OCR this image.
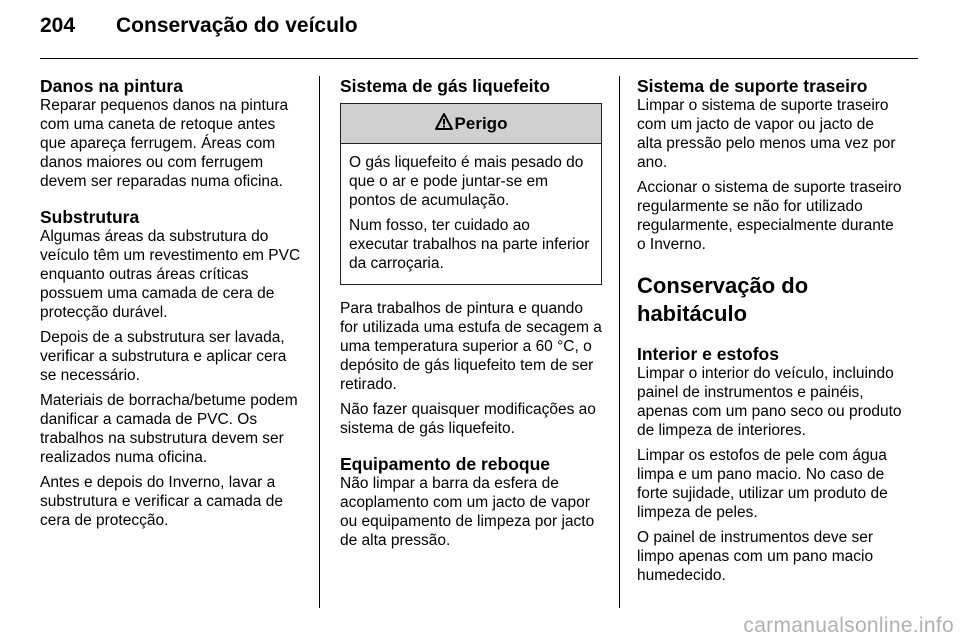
204 Conservação do veículo
Danos na pintura

Reparar pequenos danos na pintura com uma caneta de retoque antes que apareça ferrugem. Áreas com danos maiores ou com ferrugem devem ser reparadas numa oficina.

Substrutura

Algumas áreas da substrutura do veículo têm um revestimento em PVC enquanto outras áreas críticas possuem uma camada de cera de protecção durável.

Depois de a substrutura ser lavada, verificar a substrutura e aplicar cera se necessário.

Materiais de borracha/betume podem danificar a camada de PVC. Os trabalhos na substrutura devem ser realizados numa oficina.

Antes e depois do Inverno, lavar a substrutura e verificar a camada de cera de protecção.

Sistema de gás liquefeito
Perigo

O gás liquefeito é mais pesado do que o ar e pode juntar-se em pontos de acumulação.

Num fosso, ter cuidado ao executar trabalhos na parte inferior da carroçaria.

Para trabalhos de pintura e quando for utilizada uma estufa de secagem a uma temperatura superior a 60 °C, o depósito de gás liquefeito tem de ser retirado.

Não fazer quaisquer modificações ao sistema de gás liquefeito.

Equipamento de reboque

Não limpar a barra da esfera de acoplamento com um jacto de vapor ou equipamento de limpeza por jacto de alta pressão.

Sistema de suporte traseiro

Limpar o sistema de suporte traseiro com um jacto de vapor ou jacto de alta pressão pelo menos uma vez por ano.

Accionar o sistema de suporte traseiro regularmente se não for utilizado regularmente, especialmente durante o Inverno.

Conservação do habitáculo
Interior e estofos

Limpar o interior do veículo, incluindo painel de instrumentos e painéis, apenas com um pano seco ou produto de limpeza de interiores.

Limpar os estofos de pele com água limpa e um pano macio. No caso de forte sujidade, utilizar um produto de limpeza de peles.

O painel de instrumentos deve ser limpo apenas com um pano macio humedecido.

carmanualsonline.info
